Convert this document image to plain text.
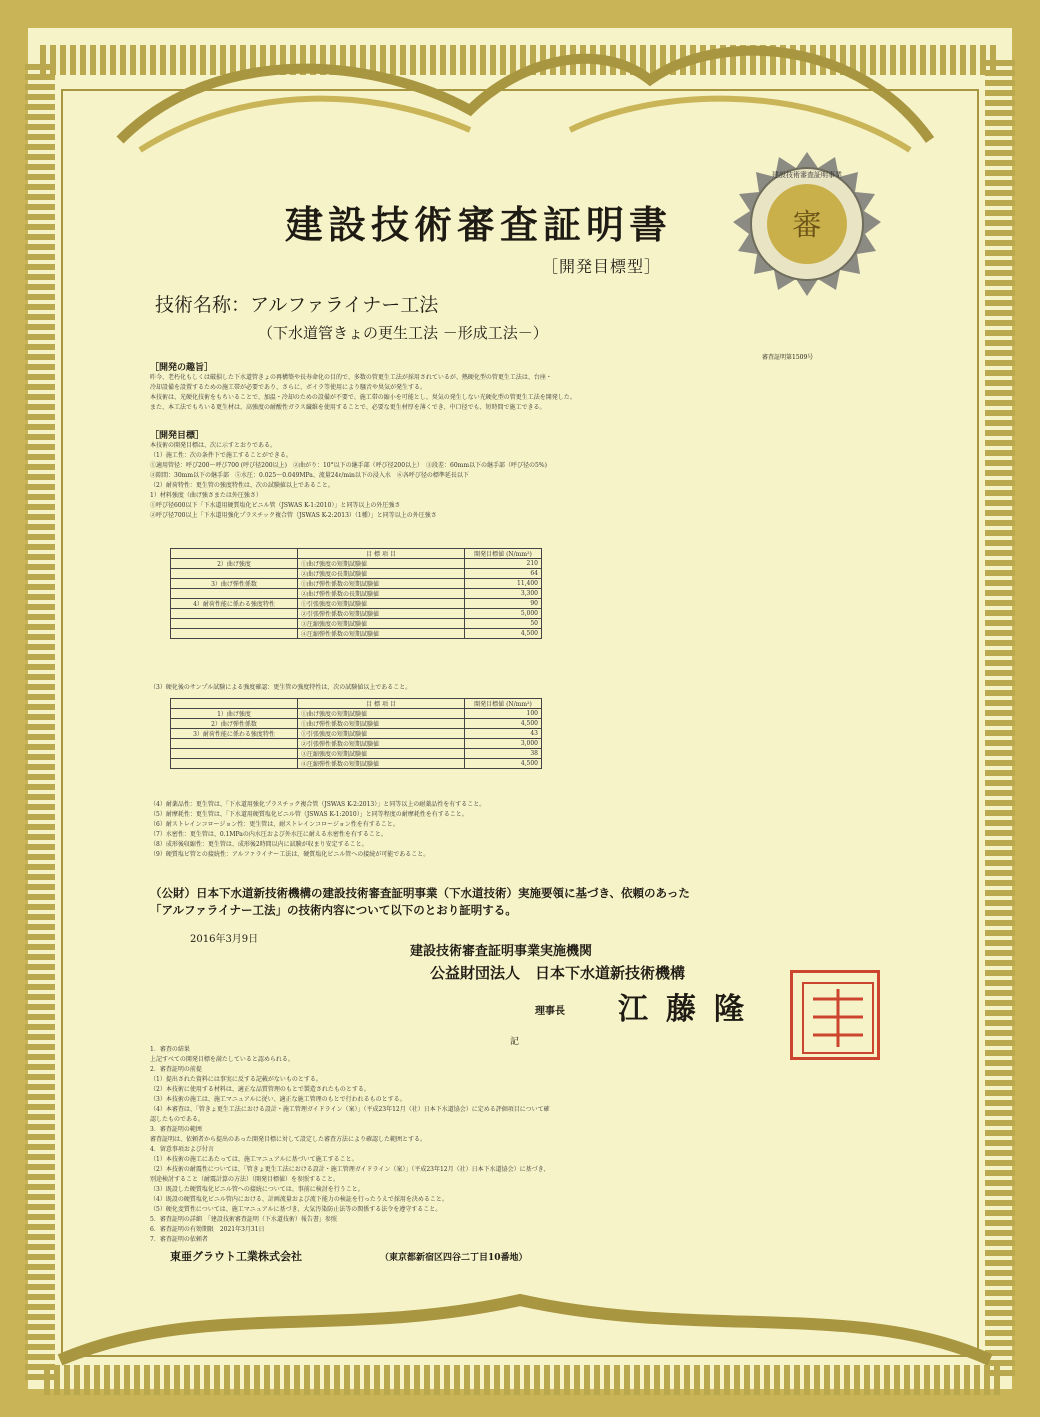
審
建設技術審査証明事業
建設技術審査証明書
［開発目標型］
技術名称：アルファライナー工法
（下水道管きょの更生工法 －形成工法－）
審査証明第1509号
［開発の趣旨］
昨今、老朽化もしくは破損した下水道管きょの再構築や長寿命化の目的で、多数の管更生工法が採用されているが、熱硬化型の管更生工法は、台座・
冷却設備を設置するための施工帯が必要であり、さらに、ボイラ等使用により騒音や臭気が発生する。
本技術は、光硬化技術をもちいることで、加温・冷却のための設備が不要で、施工帯の縮小を可能とし、臭気の発生しない光硬化型の管更生工法を開発した。
また、本工法でもちいる更生材は、高強度の耐酸性ガラス繊維を使用することで、必要な更生材厚を薄くでき、中口径でも、短時間で施工できる。
［開発目標］
本技術の開発目標は、次に示すとおりである。
（1）施工性：次の条件下で施工することができる。
①適用管径：呼び200～呼び700 (呼び径200以上)　②曲がり：10°以下の継手部（呼び径200以上）　③段差：60mm以下の継手部（呼び径の5%)
④隙間：30mm以下の継手部　⑤水圧：0.025～0.049MPa、流量24ℓ/min以下の浸入水　⑥各呼び径の標準延長以下
（2）耐荷特性：更生管の強度特性は、次の試験値以上であること。
1）材料強度（曲げ強さまたは外圧強さ）
①呼び径600以下「下水道用硬質塩化ビニル管（JSWAS K-1:2010）」と同等以上の外圧強さ
②呼び径700以上「下水道用強化プラスチック複合管（JSWAS K-2:2013）（1種）」と同等以上の外圧強さ
	目 標 項 目	開発目標値 (N/mm²)
2）曲げ強度	①曲げ強度の短期試験値	210
	②曲げ強度の長期試験値	64
3）曲げ弾性係数	①曲げ弾性係数の短期試験値	11,400
	②曲げ弾性係数の長期試験値	3,300
4）耐荷性能に係わる強度特性	①引張強度の短期試験値	90
	②引張弾性係数の短期試験値	5,000
	③圧縮強度の短期試験値	50
	④圧縮弾性係数の短期試験値	4,500
（3）硬化後のサンプル試験による強度確認：更生管の強度特性は、次の試験値以上であること。
	目 標 項 目	開発目標値 (N/mm²)
1）曲げ強度	①曲げ強度の短期試験値	100
2）曲げ弾性係数	①曲げ弾性係数の短期試験値	4,500
3）耐荷性能に係わる強度特性	①引張強度の短期試験値	43
	②引張弾性係数の短期試験値	3,000
	③圧縮強度の短期試験値	38
	④圧縮弾性係数の短期試験値	4,500
（4）耐薬品性：更生管は、「下水道用強化プラスチック複合管（JSWAS K-2:2013）」と同等以上の耐薬品性を有すること。
（5）耐摩耗性：更生管は、「下水道用硬質塩化ビニル管（JSWAS K-1:2010）」と同等程度の耐摩耗性を有すること。
（6）耐ストレインコロージョン性：更生管は、耐ストレインコロージョン性を有すること。
（7）水密性：更生管は、0.1MPaの内水圧および外水圧に耐える水密性を有すること。
（8）成形後収縮性：更生管は、成形後2時間以内に試験が収まり安定すること。
（9）硬質塩ビ管との接続性：アルファライナー工法は、硬質塩化ビニル管への接続が可能であること。
（公財）日本下水道新技術機構の建設技術審査証明事業（下水道技術）実施要領に基づき、依頼のあった
「アルファライナー工法」の技術内容について以下のとおり証明する。
2016年3月9日
建設技術審査証明事業実施機関
公益財団法人　日本下水道新技術機構
理事長 江藤隆
記
1．審査の結果
上記すべての開発目標を満たしていると認められる。
2．審査証明の前提
（1）提出された資料には事実に反する記載がないものとする。
（2）本技術に使用する材料は、適正な品質管理のもとで製造されたものとする。
（3）本技術の施工は、施工マニュアルに従い、適正な施工管理のもとで行われるものとする。
（4）本審査は、「管きょ更生工法における設計・施工管理ガイドライン（案）」（平成23年12月（社）日本下水道協会）に定める評価項目について確
認したものである。
3．審査証明の範囲
審査証明は、依頼者から提出のあった開発目標に対して設定した審査方法により確認した範囲とする。
4．留意事項および付言
（1）本技術の施工にあたっては、施工マニュアルに基づいて施工すること。
（2）本技術の耐震性については、「管きょ更生工法における設計・施工管理ガイドライン（案）」（平成23年12月（社）日本下水道協会）に基づき、
別途検討すること（耐震計算の方法）（開発目標値）を参照すること。
（3）既設した硬質塩化ビニル管への接続については、事前に検討を行うこと。
（4）既設の硬質塩化ビニル管内における、計画流量および流下能力の検証を行ったうえで採用を決めること。
（5）硬化変質性については、施工マニュアルに基づき、大気汚染防止法等の関係する法令を遵守すること。
5．審査証明の詳細　「建設技術審査証明（下水道技術）報告書」参照
6．審査証明の有効期限　2021年3月31日
7．審査証明の依頼者
東亜グラウト工業株式会社	（東京都新宿区四谷二丁目10番地）
